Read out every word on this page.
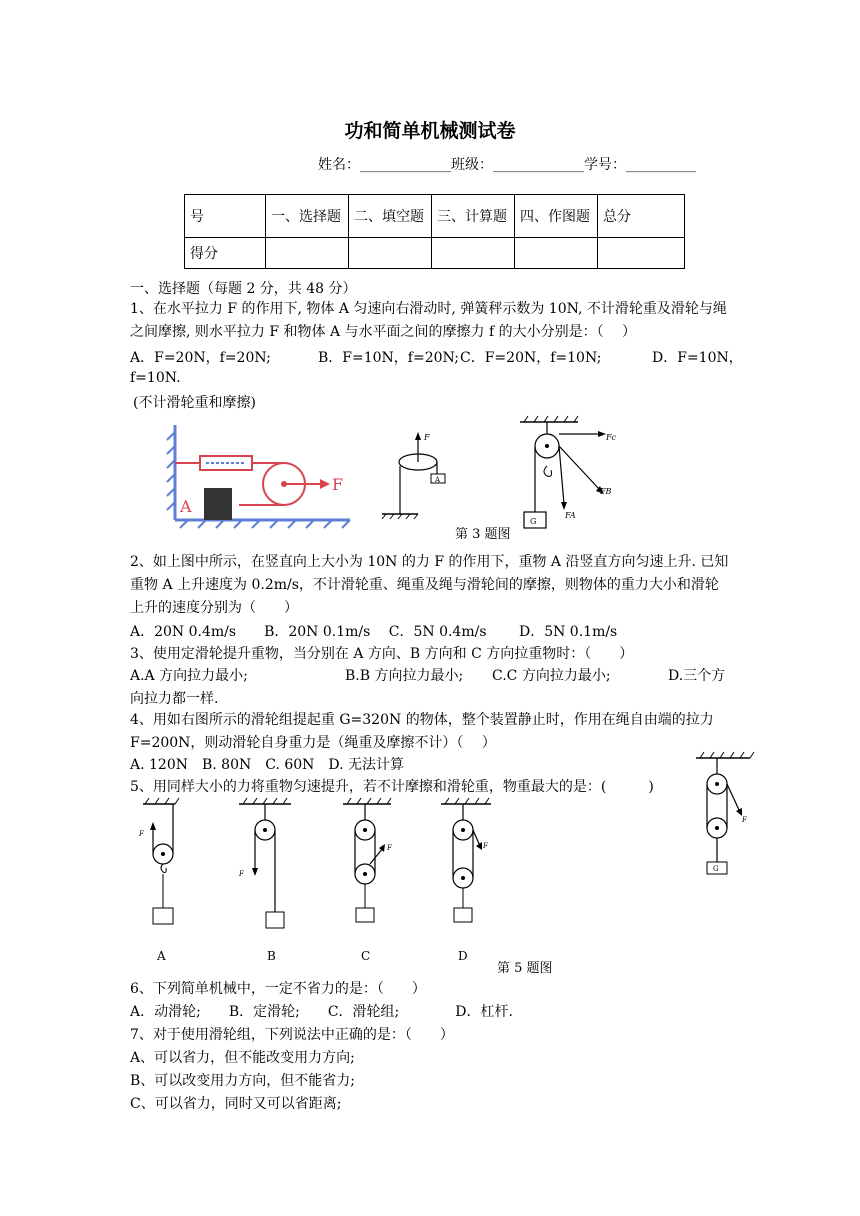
功和简单机械测试卷
姓名：_____________班级：_____________学号：__________
号	一、选择题	二、填空题	三、计算题	四、作图题	总分
得分					
一、选择题（每题 2 分，共 48 分）
1、在水平拉力 F 的作用下, 物体 A 匀速向右滑动时, 弹簧秤示数为 10N, 不计滑轮重及滑轮与绳之间摩擦, 则水平拉力 F 和物体 A 与水平面之间的摩擦力 f 的大小分别是：（　 ）
A．F=20N，f=20N;	B．F=10N，f=20N; C．F=20N，f=10N;	D．F=10N，
f=10N.
(不计滑轮重和摩擦)
A
F
F
A
G
Fc
FB
FA
第 3 题图
2、如上图中所示，在竖直向上大小为 10N 的力 F 的作用下，重物 A 沿竖直方向匀速上升. 已知重物 A 上升速度为 0.2m/s，不计滑轮重、绳重及绳与滑轮间的摩擦，则物体的重力大小和滑轮上升的速度分别为（　　）
A．20N 0.4m/s　　B．20N 0.1m/s　 C．5N 0.4m/s　　 D．5N 0.1m/s
3、使用定滑轮提升重物，当分别在 A 方向、B 方向和 C 方向拉重物时：（　　）
A.A 方向拉力最小;	B.B 方向拉力最小; C.C 方向拉力最小;	D.三个方
向拉力都一样.
4、用如右图所示的滑轮组提起重 G=320N 的物体，整个装置静止时，作用在绳自由端的拉力 F=200N，则动滑轮自身重力是（绳重及摩擦不计）（　 ）
A. 120N　B. 80N　C. 60N　D. 无法计算
5、用同样大小的力将重物匀速提升，若不计摩擦和滑轮重，物重最大的是：(　　　)
F
G
F
A
F
B
F
C
F
D
第 5 题图
6、下列简单机械中，一定不省力的是：（　　）
A．动滑轮;　　B．定滑轮;　　C．滑轮组;　　　　D．杠杆.
7、对于使用滑轮组，下列说法中正确的是：（　　）
A、可以省力，但不能改变用力方向;
B、可以改变用力方向，但不能省力;
C、可以省力，同时又可以省距离;
